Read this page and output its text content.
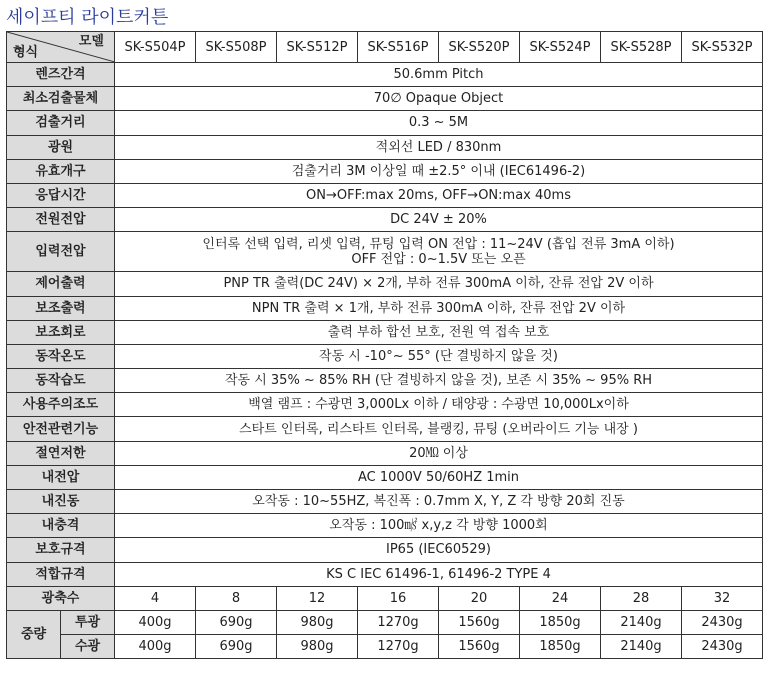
세이프티 라이트커튼
모델
형식		SK-S504P	SK-S508P	SK-S512P	SK-S516P	SK-S520P	SK-S524P	SK-S528P	SK-S532P
렌즈간격		50.6mm Pitch							

최소검출물체		70∅ Opaque Object							

검출거리		0.3 ~ 5M							

광원		적외선 LED / 830nm							

유효개구		검출거리 3M 이상일 때 ±2.5° 이내 (IEC61496-2)							

응답시간		ON→OFF:max 20ms, OFF→ON:max 40ms							

전원전압		DC 24V ± 20%							

입력전압		인터록 선택 입력, 리셋 입력, 뮤팅 입력 ON 전압 : 11~24V (흡입 전류 3mA 이하)
OFF 전압 : 0~1.5V 또는 오픈							

제어출력		PNP TR 출력(DC 24V) × 2개, 부하 전류 300mA 이하, 잔류 전압 2V 이하							

보조출력		NPN TR 출력 × 1개, 부하 전류 300mA 이하, 잔류 전압 2V 이하							

보조회로		출력 부하 합선 보호, 전원 역 접속 보호							

동작온도		작동 시 -10°~ 55° (단 결빙하지 않을 것)							

동작습도		작동 시 35% ~ 85% RH (단 결빙하지 않을 것), 보존 시 35% ~ 95% RH							

사용주의조도		백열 램프 : 수광면 3,000Lx 이하 / 태양광 : 수광면 10,000Lx이하							

안전관련기능		스타트 인터록, 리스타트 인터록, 블랭킹, 뮤팅 (오버라이드 기능 내장 )							

절연저한		20㏁ 이상							

내전압		AC 1000V 50/60HZ 1min							

내진동		오작동 : 10~55HZ, 복진폭 : 0.7mm X, Y, Z 각 방향 20회 진동							

내충격		오작동 : 100㎨ x,y,z 각 방향 1000회							

보호규격		IP65 (IEC60529)							

적합규격		KS C IEC 61496-1, 61496-2 TYPE 4							

광축수		4	8	12	16	20	24	28	32
중량	투광	400g	690g	980g	1270g	1560g	1850g	2140g	2430g
	수광	400g	690g	980g	1270g	1560g	1850g	2140g	2430g
